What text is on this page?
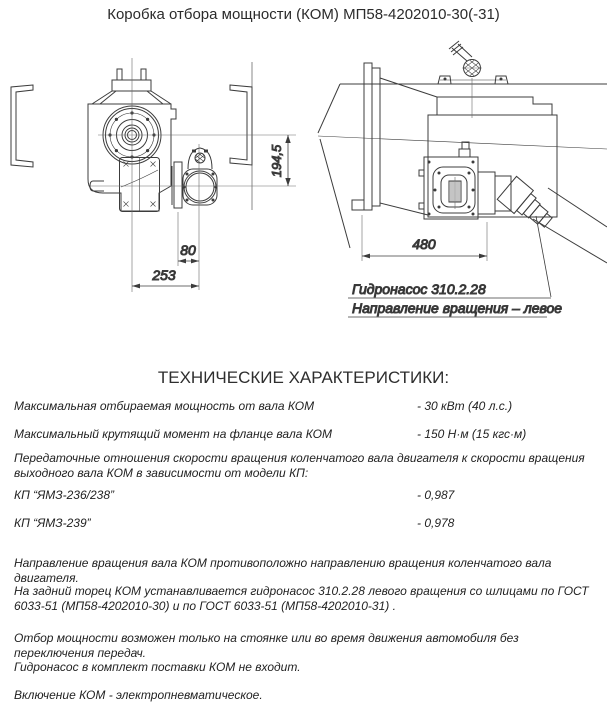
Коробка отбора мощности (КОМ) МП58-4202010-30(-31)
194,5
80
253
480
Гидронасос 310.2.28
Направление вращения – левое
ТЕХНИЧЕСКИЕ ХАРАКТЕРИСТИКИ:
Максимальная отбираемая мощность от вала КОМ	- 30 кВт (40 л.с.)
Максимальный крутящий момент на фланце вала КОМ	- 150 Н·м (15 кгс·м)

Передаточные отношения скорости вращения коленчатого вала двигателя к скорости вращения выходного вала КОМ в зависимости от модели КП:

КП “ЯМЗ-236/238”	- 0,987
КП “ЯМЗ-239”	- 0,978

Направление вращения вала КОМ противоположно направлению вращения коленчатого вала двигателя.

На задний торец КОМ устанавливается гидронасос 310.2.28 левого вращения со шлицами по ГОСТ 6033-51 (МП58-4202010-30) и по ГОСТ 6033-51 (МП58-4202010-31) .

Отбор мощности возможен только на стоянке или во время движения автомобиля без переключения передач.

Гидронасос в комплект поставки КОМ не входит.

Включение КОМ - электропневматическое.
